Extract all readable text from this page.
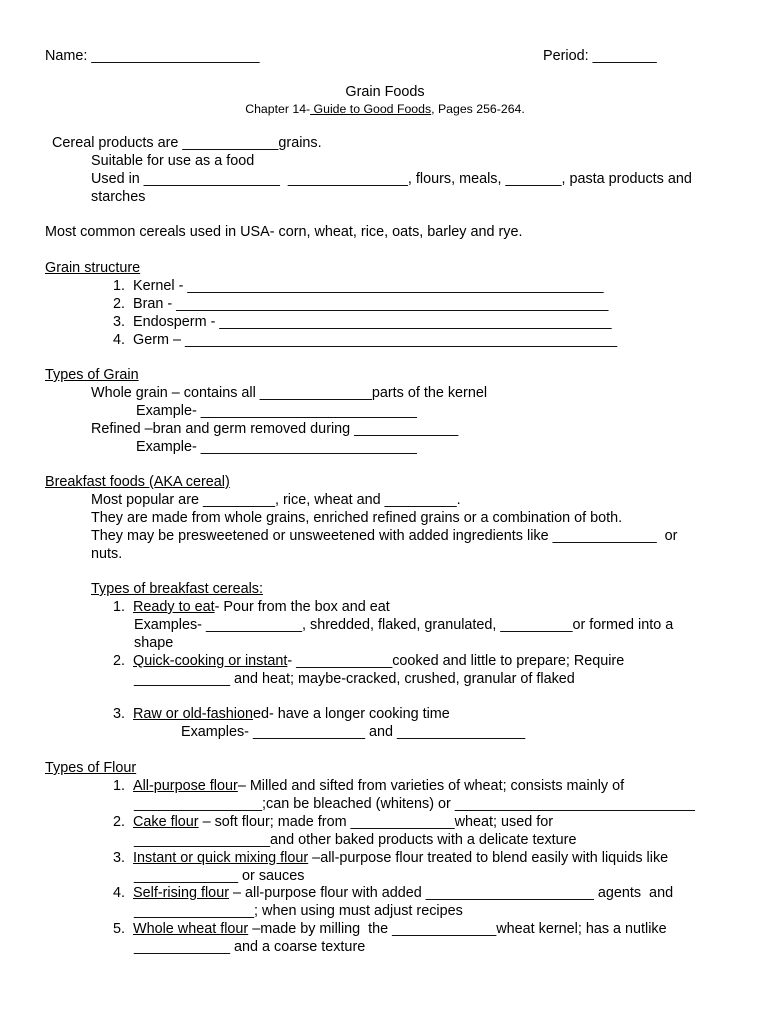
Name: _____________________	Period: ________
Grain Foods
Chapter 14- Guide to Good Foods, Pages 256-264.
Cereal products are ____________grains.
Suitable for use as a food
Used in _________________  _______________, flours, meals, _______, pasta products and
starches
Most common cereals used in USA- corn, wheat, rice, oats, barley and rye.
Grain structure
1.  Kernel - ____________________________________________________
2.  Bran - ______________________________________________________
3.  Endosperm - _________________________________________________
4.  Germ – ______________________________________________________
Types of Grain
Whole grain – contains all ______________parts of the kernel
Example- ___________________________
Refined –bran and germ removed during _____________
Example- ___________________________
Breakfast foods (AKA cereal)
Most popular are _________, rice, wheat and _________.
They are made from whole grains, enriched refined grains or a combination of both.
They may be presweetened or unsweetened with added ingredients like _____________  or
nuts.
Types of breakfast cereals:
1. Ready to eat- Pour from the box and eat
Examples- ____________, shredded, flaked, granulated, _________or formed into a
shape
2. Quick-cooking or instant- ____________cooked and little to prepare; Require
____________ and heat; maybe-cracked, crushed, granular of flaked
3. Raw or old-fashioned- have a longer cooking time
Examples- ______________ and ________________
Types of Flour
1. All-purpose flour– Milled and sifted from varieties of wheat; consists mainly of
________________;can be bleached (whitens) or ______________________________
2. Cake flour – soft flour; made from _____________wheat; used for
_________________and other baked products with a delicate texture
3. Instant or quick mixing flour –all-purpose flour treated to blend easily with liquids like
_____________ or sauces
4. Self-rising flour – all-purpose flour with added _____________________ agents  and
_______________; when using must adjust recipes
5. Whole wheat flour –made by milling  the _____________wheat kernel; has a nutlike
____________ and a coarse texture
